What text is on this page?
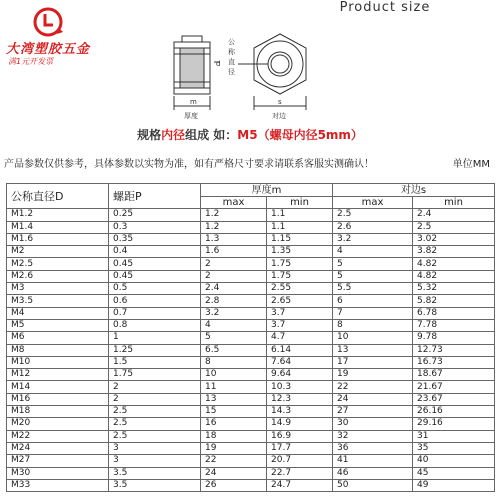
大湾塑胶五金
满1元开发票
Product size
公
称
直
径
d
m	s
厚度	对边
规格内径组成 如：M5（螺母内径5mm）
产品参数仅供参考，具体参数以实物为准，如有严格尺寸要求请联系客服实测确认！	单位MM
公称直径D	螺距P	厚度m		对边s	
		max	min	max	min
M1.2	0.25	1.2	1.1	2.5	2.4
M1.4	0.3	1.2	1.1	2.6	2.5
M1.6	0.35	1.3	1.15	3.2	3.02
M2	0.4	1.6	1.35	4	3.82
M2.5	0.45	2	1.75	5	4.82
M2.6	0.45	2	1.75	5	4.82
M3	0.5	2.4	2.55	5.5	5.32
M3.5	0.6	2.8	2.65	6	5.82
M4	0.7	3.2	3.7	7	6.78
M5	0.8	4	3.7	8	7.78
M6	1	5	4.7	10	9.78
M8	1.25	6.5	6.14	13	12.73
M10	1.5	8	7.64	17	16.73
M12	1.75	10	9.64	19	18.67
M14	2	11	10.3	22	21.67
M16	2	13	12.3	24	23.67
M18	2.5	15	14.3	27	26.16
M20	2.5	16	14.9	30	29.16
M22	2.5	18	16.9	32	31
M24	3	19	17.7	36	35
M27	3	22	20.7	41	40
M30	3.5	24	22.7	46	45
M33	3.5	26	24.7	50	49
